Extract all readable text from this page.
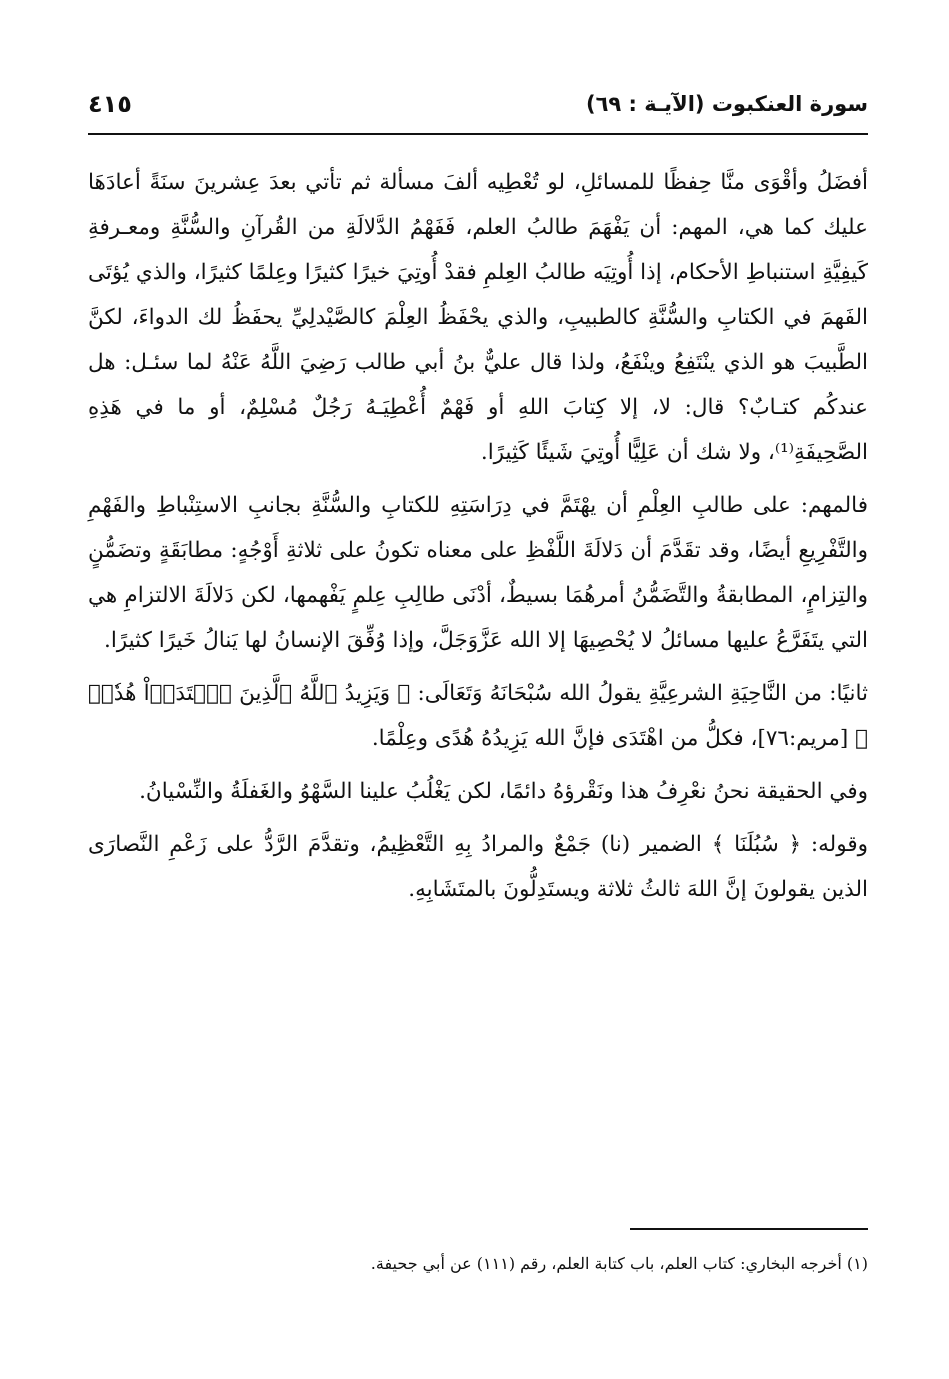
سورة العنكبوت (الآيـة : ٦٩)
٤١٥

أفضَلُ وأقْوَى منَّا حِفظًا للمسائلِ، لو تُعْطِيه ألفَ مسألة ثم تأتي بعدَ عِشرينَ سنَةً أعادَهَا عليك كما هي، المهم: أن يَفْهَمَ طالبُ العلم، فَفَهْمُ الدَّلالَةِ من القُرآنِ والسُّنَّةِ ومعـرفةِ كَيفِيَّةِ استنباطِ الأحكام، إذا أُوتِيَه طالبُ العِلمِ فقدْ أُوتِيَ خيرًا كثيرًا وعِلمًا كثيرًا، والذي يُؤتَى الفَهمَ في الكتابِ والسُّنَّةِ كالطبيبِ، والذي يحْفَظُ العِلْمَ كالصَّيْدلِيِّ يحفَظُ لك الدواءَ، لكنَّ الطَّبيبَ هو الذي ينْتَفِعُ وينْفَعُ، ولذا قال عليٌّ بنُ أبي طالب رَضِيَ اللَّهُ عَنْهُ لما سئـل: هل عندكُم كتـابٌ؟ قال: لا، إلا كِتابَ اللهِ أو فَهْمٌ أُعْطِيَـهُ رَجُلٌ مُسْلِمٌ، أو ما في هَذِهِ الصَّحِيفَةِ⁽¹⁾، ولا شك أن عَلِيًّا أُوتِيَ شَيئًا كَثِيرًا.

فالمهم: على طالبِ العِلْمِ أن يهْتَمَّ في دِرَاسَتِهِ للكتابِ والسُّنَّةِ بجانبِ الاستِنْباطِ والفَهْمِ والتَّفْرِيعِ أيضًا، وقد تقَدَّمَ أن دَلالَةَ اللَّفْظِ على معناه تكونُ على ثلاثةِ أَوْجُهٍ: مطابَقَةٍ وتضَمُّنٍ والتِزامٍ، المطابقةُ والتَّضَمُّنُ أمرهُمَا بسيطٌ، أدْنَى طالِبِ عِلمٍ يَفْهمها، لكن دَلالَةَ الالتزامِ هي التي يتَفَرَّعُ عليها مسائلُ لا يُحْصِيهَا إلا الله عَزَّوَجَلَّ، وإذا وُفِّقَ الإنسانُ لها يَنالُ خَيرًا كثيرًا.

ثانيًا: من النَّاحِيَةِ الشرعِيَّةِ يقولُ الله سُبْحَانَهُ وَتَعَالَى: ﴿ وَيَزِيدُ ٱللَّهُ ٱلَّذِينَ ٱهۡتَدَوۡاْ هُدٗىۗ ﴾ [مريم:٧٦]، فكلُّ من اهْتَدَى فإنَّ الله يَزِيدُهُ هُدًى وعِلْمًا.

وفي الحقيقة نحنُ نعْرِفُ هذا ونَقْرؤهُ دائمًا، لكن يَغْلُبُ علينا السَّهْوُ والغَفلَةُ والنِّسْيانُ.

وقوله: ﴿ سُبُلَنَا ﴾ الضمير (نا) جَمْعٌ والمرادُ بِهِ التَّعْظِيمُ، وتقدَّمَ الرَّدُّ على زَعْمِ النَّصارَى الذين يقولونَ إنَّ اللهَ ثالثُ ثلاثة ويستَدِلُّونَ بالمتَشَابِهِ.

(١) أخرجه البخاري: كتاب العلم، باب كتابة العلم، رقم (١١١) عن أبي جحيفة.
